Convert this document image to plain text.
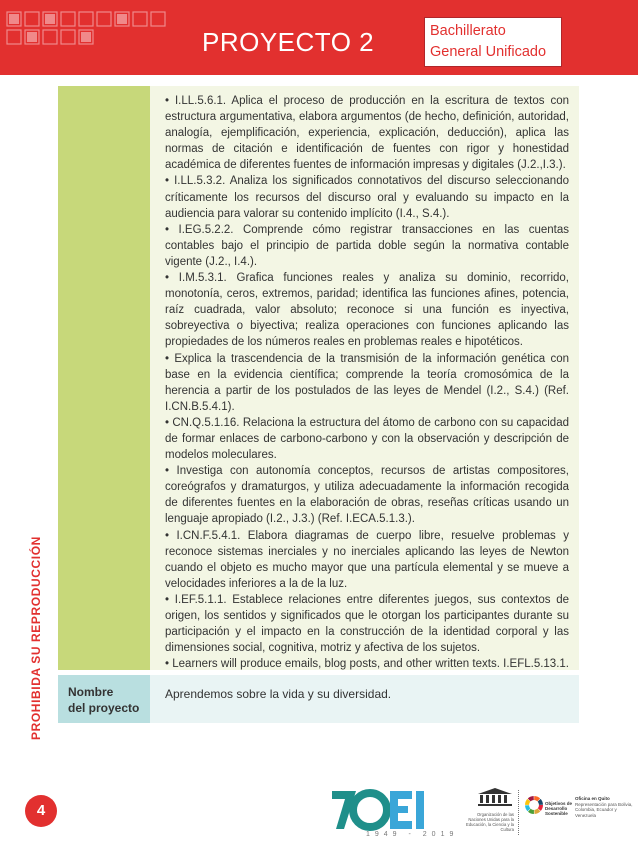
PROYECTO 2	Bachillerato
General Unificado
PROHIBIDA SU REPRODUCCIÓN

• I.LL.5.6.1. Aplica el proceso de producción en la escritura de textos con estructura argumentativa, elabora argumentos (de hecho, definición, autoridad, analogía, ejemplificación, experiencia, explicación, deducción), aplica las normas de citación e identificación de fuentes con rigor y honestidad académica de diferentes fuentes de información impresas y digitales (J.2.,I.3.).

• I.LL.5.3.2. Analiza los significados connotativos del discurso seleccionando críticamente los recursos del discurso oral y evaluando su impacto en la audiencia para valorar su contenido implícito (I.4., S.4.).

• I.EG.5.2.2. Comprende cómo registrar transacciones en las cuentas contables bajo el principio de partida doble según la normativa contable vigente (J.2., I.4.).

• I.M.5.3.1. Grafica funciones reales y analiza su dominio, recorrido, monotonía, ceros, extremos, paridad; identifica las funciones afines, potencia, raíz cuadrada, valor absoluto; reconoce si una función es inyectiva, sobreyectiva o biyectiva; realiza operaciones con funciones aplicando las propiedades de los números reales en problemas reales e hipotéticos.

• Explica la trascendencia de la transmisión de la información genética con base en la evidencia científica; comprende la teoría cromosómica de la herencia a partir de los postulados de las leyes de Mendel (I.2., S.4.) (Ref. I.CN.B.5.4.1).

• CN.Q.5.1.16. Relaciona la estructura del átomo de carbono con su capacidad de formar enlaces de carbono-carbono y con la observación y descripción de modelos moleculares.

• Investiga con autonomía conceptos, recursos de artistas compositores, coreógrafos y dramaturgos, y utiliza adecuadamente la información recogida de diferentes fuentes en la elaboración de obras, reseñas críticas usando un lenguaje apropiado (I.2., J.3.) (Ref. I.ECA.5.1.3.).

• I.CN.F.5.4.1. Elabora diagramas de cuerpo libre, resuelve problemas y reconoce sistemas inerciales y no inerciales aplicando las leyes de Newton cuando el objeto es mucho mayor que una partícula elemental y se mueve a velocidades inferiores a la de la luz.

• I.EF.5.1.1. Establece relaciones entre diferentes juegos, sus contextos de origen, los sentidos y significados que le otorgan los participantes durante su participación y el impacto en la construcción de la identidad corporal y las dimensiones social, cognitiva, motriz y afectiva de los sujetos.

• Learners will produce emails, blog posts, and other written texts. I.EFL.5.13.1.

Nombre
del proyecto
Aprendemos sobre la vida y su diversidad.
4
1949 - 2019
Organización de las Naciones Unidas para la Educación, la Ciencia y la Cultura
Objetivos de
Desarrollo
Sostenible
Oficina en Quito
Representación para Bolivia, Colombia, Ecuador y Venezuela
